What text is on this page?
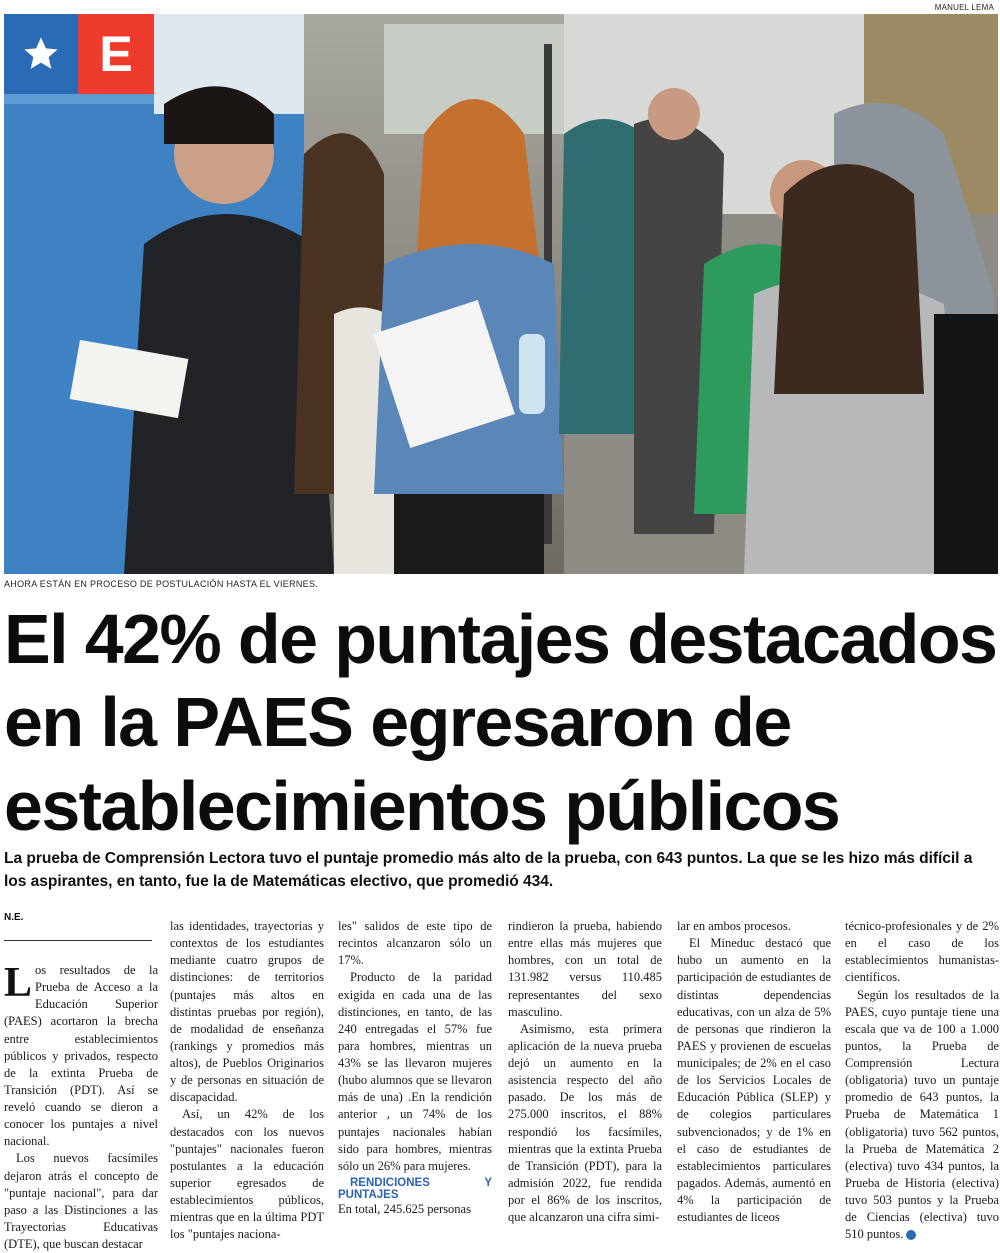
MANUEL LEMA
E
AHORA ESTÁN EN PROCESO DE POSTULACIÓN HASTA EL VIERNES.
El 42% de puntajes destacados en la PAES egresaron de establecimientos públicos

La prueba de Comprensión Lectora tuvo el puntaje promedio más alto de la prueba, con 643 puntos. La que se les hizo más difícil a los aspirantes, en tanto, fue la de Matemáticas electivo, que promedió 434.

N.E.

Los resultados de la Prueba de Acceso a la Educación Superior (PAES) acortaron la brecha entre establecimientos públicos y privados, respecto de la extinta Prueba de Transición (PDT). Así se reveló cuando se dieron a conocer los puntajes a nivel nacional.

Los nuevos facsímiles dejaron atrás el concepto de "puntaje nacional", para dar paso a las Distinciones a las Trayectorias Educativas (DTE), que buscan destacar

las identidades, trayectorias y contextos de los estudiantes mediante cuatro grupos de distinciones: de territorios (puntajes más altos en distintas pruebas por región), de modalidad de enseñanza (rankings y promedios más altos), de Pueblos Originarios y de personas en situación de discapacidad.

Así, un 42% de los destacados con los nuevos "puntajes" nacionales fueron postulantes a la educación superior egresados de establecimientos públicos, mientras que en la última PDT los "puntajes naciona-

les" salidos de este tipo de recintos alcanzaron sólo un 17%.

Producto de la paridad exigida en cada una de las distinciones, en tanto, de las 240 entregadas el 57% fue para hombres, mientras un 43% se las llevaron mujeres (hubo alumnos que se llevaron más de una) .En la rendición anterior , un 74% de los puntajes nacionales habían sido para hombres, mientras sólo un 26% para mujeres.

RENDICIONES Y PUNTAJES

En total, 245.625 personas

rindieron la prueba, habiendo entre ellas más mujeres que hombres, con un total de 131.982 versus 110.485 representantes del sexo masculino.

Asimismo, esta primera aplicación de la nueva prueba dejó un aumento en la asistencia respecto del año pasado. De los más de 275.000 inscritos, el 88% respondió los facsímiles, mientras que la extinta Prueba de Transición (PDT), para la admisión 2022, fue rendida por el 86% de los inscritos, que alcanzaron una cifra simi-

lar en ambos procesos.

El Mineduc destacó que hubo un aumento en la participación de estudiantes de distintas dependencias educativas, con un alza de 5% de personas que rindieron la PAES y provienen de escuelas municipales; de 2% en el caso de los Servicios Locales de Educación Pública (SLEP) y de colegios particulares subvencionados; y de 1% en el caso de estudiantes de establecimientos particulares pagados. Además, aumentó en 4% la participación de estudiantes de liceos

técnico-profesionales y de 2% en el caso de los establecimientos humanistas-científicos.

Según los resultados de la PAES, cuyo puntaje tiene una escala que va de 100 a 1.000 puntos, la Prueba de Comprensión Lectura (obligatoria) tuvo un puntaje promedio de 643 puntos, la Prueba de Matemática 1 (obligatoria) tuvo 562 puntos, la Prueba de Matemática 2 (electiva) tuvo 434 puntos, la Prueba de Historia (electiva) tuvo 503 puntos y la Prueba de Ciencias (electiva) tuvo 510 puntos. ✪
